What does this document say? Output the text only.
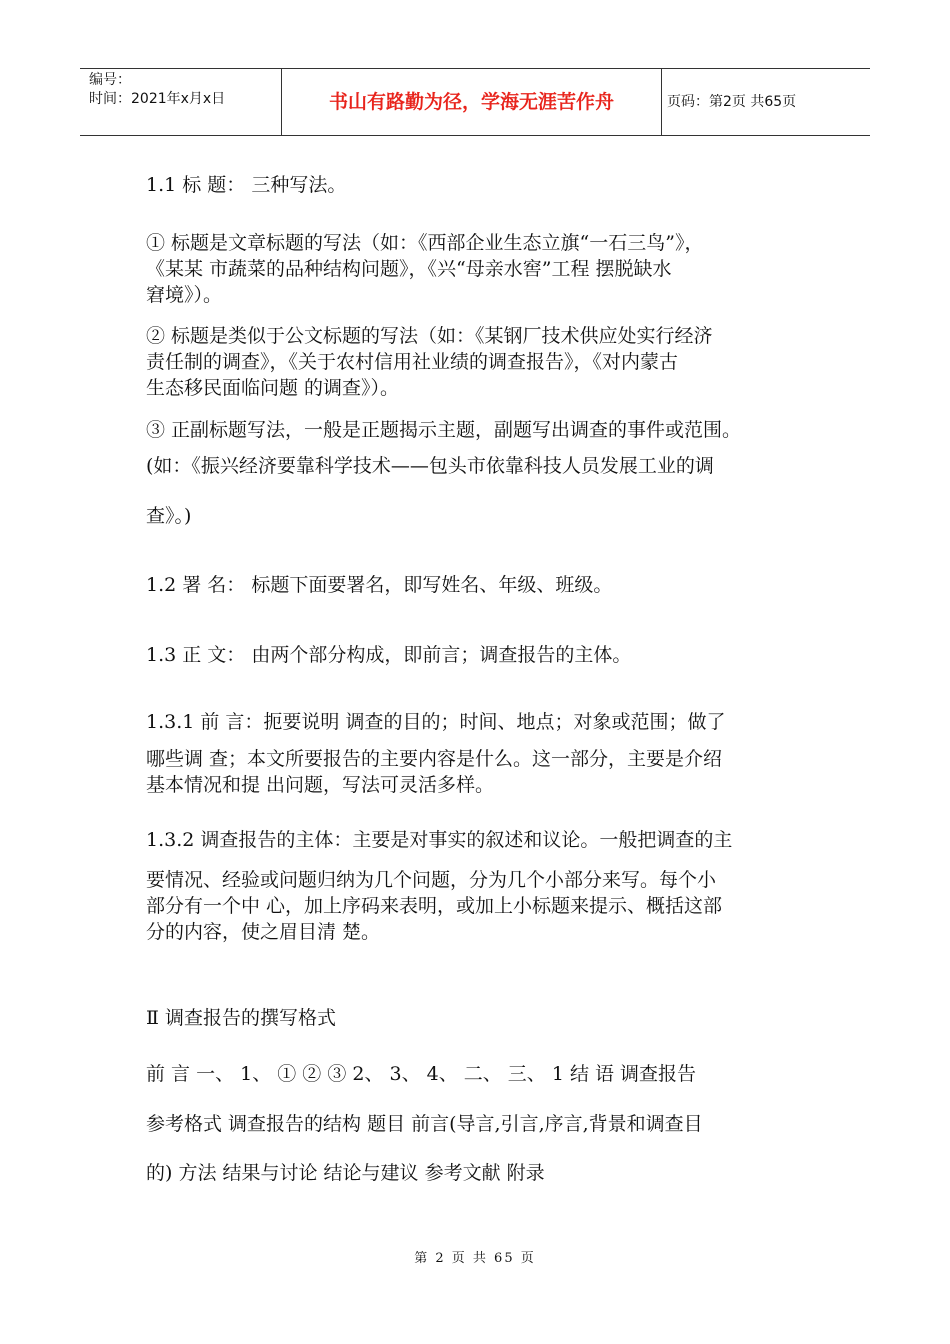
编号：
时间：2021年x月x日	书山有路勤为径，学海无涯苦作舟	页码：第2页 共65页
1.1 标 题： 三种写法。
① 标题是文章标题的写法（如：《西部企业生态立旗“一石三鸟”》，
《某某 市蔬菜的品种结构问题》，《兴“母亲水窖”工程 摆脱缺水
窘境》）。
② 标题是类似于公文标题的写法（如：《某钢厂技术供应处实行经济
责任制的调查》，《关于农村信用社业绩的调查报告》，《对内蒙古
生态移民面临问题 的调查》）。
③ 正副标题写法，一般是正题揭示主题，副题写出调查的事件或范围。
(如：《振兴经济要靠科学技术——包头市依靠科技人员发展工业的调
查》。)
1.2 署 名： 标题下面要署名，即写姓名、年级、班级。
1.3 正 文： 由两个部分构成，即前言；调查报告的主体。
1.3.1 前 言：扼要说明 调查的目的；时间、地点；对象或范围；做了
哪些调 查；本文所要报告的主要内容是什么。这一部分，主要是介绍
基本情况和提 出问题，写法可灵活多样。
1.3.2 调查报告的主体：主要是对事实的叙述和议论。一般把调查的主
要情况、经验或问题归纳为几个问题，分为几个小部分来写。每个小
部分有一个中 心，加上序码来表明，或加上小标题来提示、概括这部
分的内容，使之眉目清 楚。
Ⅱ 调查报告的撰写格式
前 言 一、 1、 ① ② ③ 2、 3、 4、 二、 三、 1 结 语 调查报告
参考格式 调查报告的结构 题目 前言(导言,引言,序言,背景和调查目
的) 方法 结果与讨论 结论与建议 参考文献 附录
第 2 页 共 65 页
